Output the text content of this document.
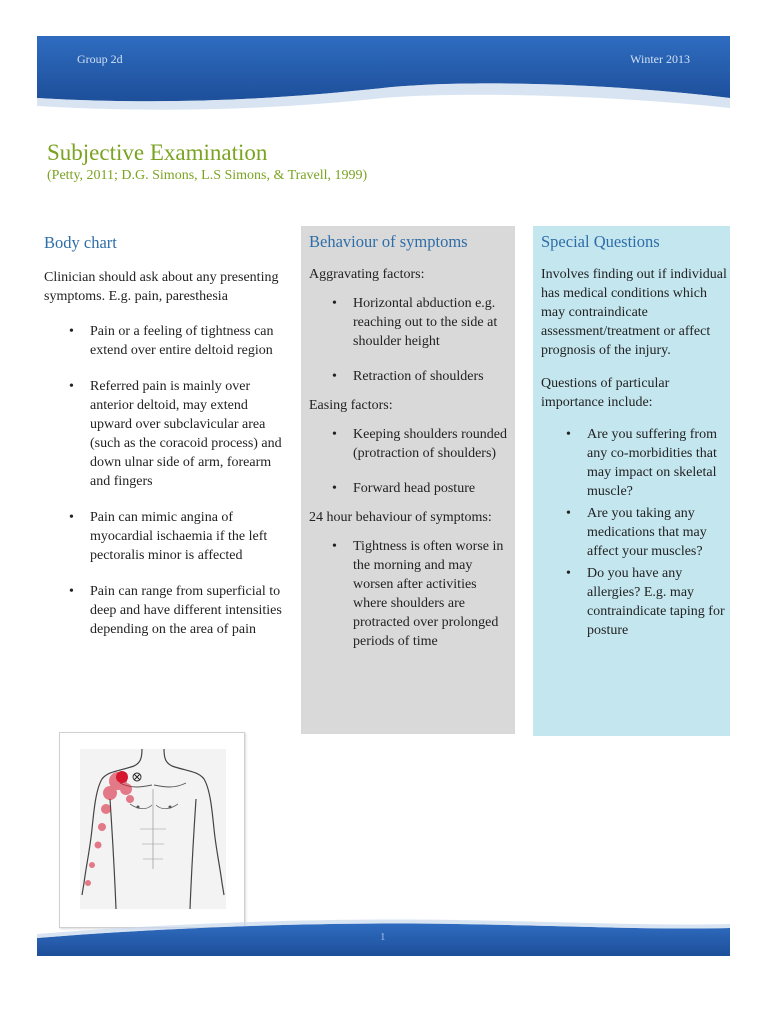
Group 2d	Winter 2013
Subjective Examination
(Petty, 2011; D.G. Simons, L.S Simons, & Travell, 1999)
Body chart
Clinician should ask about any presenting symptoms. E.g. pain, paresthesia
• Pain or a feeling of tightness can extend over entire deltoid region
• Referred pain is mainly over anterior deltoid, may extend upward over subclavicular area (such as the coracoid process) and down ulnar side of arm, forearm and fingers
• Pain can mimic angina of myocardial ischaemia if the left pectoralis minor is affected
• Pain can range from superficial to deep and have different intensities depending on the area of pain
Behaviour of symptoms
Aggravating factors:
• Horizontal abduction e.g. reaching out to the side at shoulder height
• Retraction of shoulders
Easing factors:
• Keeping shoulders rounded (protraction of shoulders)
• Forward head posture
24 hour behaviour of symptoms:
• Tightness is often worse in the morning and may worsen after activities where shoulders are protracted over prolonged periods of time
Special Questions
Involves finding out if individual has medical conditions which may contraindicate assessment/treatment or affect prognosis of the injury.
Questions of particular importance include:
• Are you suffering from any co-morbidities that may impact on skeletal muscle?
• Are you taking any medications that may affect your muscles?
• Do you have any allergies? E.g. may contraindicate taping for posture
1
